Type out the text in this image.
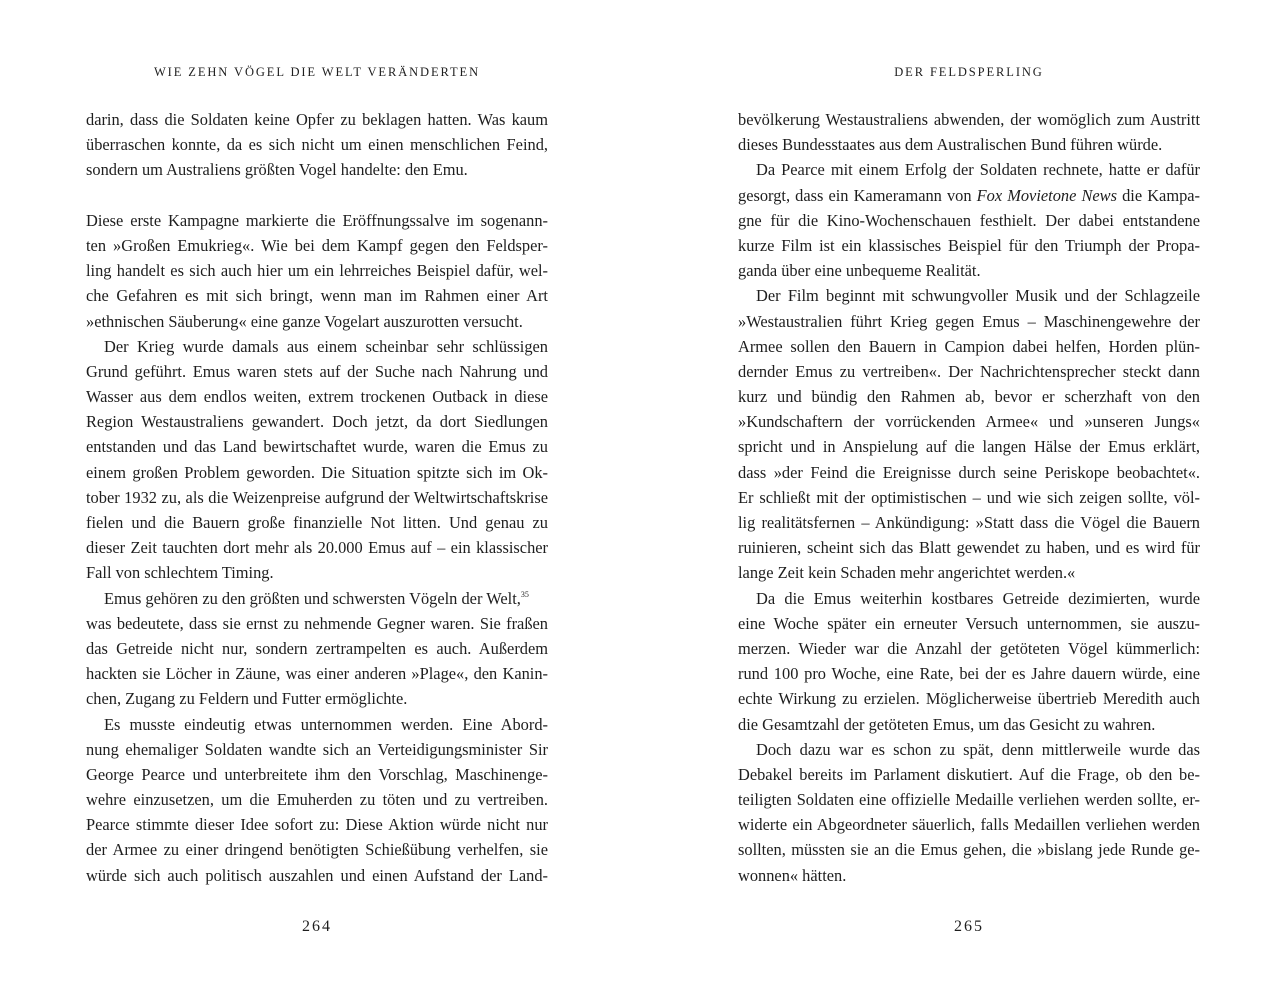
WIE ZEHN VÖGEL DIE WELT VERÄNDERTEN
darin, dass die Soldaten keine Opfer zu beklagen hatten. Was kaum
überraschen konnte, da es sich nicht um einen menschlichen Feind,
sondern um Australiens größten Vogel handelte: den Emu.
Diese erste Kampagne markierte die Eröffnungssalve im sogenann-
ten »Großen Emukrieg«. Wie bei dem Kampf gegen den Feldsper-
ling handelt es sich auch hier um ein lehrreiches Beispiel dafür, wel-
che Gefahren es mit sich bringt, wenn man im Rahmen einer Art
»ethnischen Säuberung« eine ganze Vogelart auszurotten versucht.
Der Krieg wurde damals aus einem scheinbar sehr schlüssigen
Grund geführt. Emus waren stets auf der Suche nach Nahrung und
Wasser aus dem endlos weiten, extrem trockenen Outback in diese
Region Westaustraliens gewandert. Doch jetzt, da dort Siedlungen
entstanden und das Land bewirtschaftet wurde, waren die Emus zu
einem großen Problem geworden. Die Situation spitzte sich im Ok-
tober 1932 zu, als die Weizenpreise aufgrund der Weltwirtschaftskrise
fielen und die Bauern große finanzielle Not litten. Und genau zu
dieser Zeit tauchten dort mehr als 20.000 Emus auf – ein klassischer
Fall von schlechtem Timing.
Emus gehören zu den größten und schwersten Vögeln der Welt,$^{35}$
was bedeutete, dass sie ernst zu nehmende Gegner waren. Sie fraßen
das Getreide nicht nur, sondern zertrampelten es auch. Außerdem
hackten sie Löcher in Zäune, was einer anderen »Plage«, den Kanin-
chen, Zugang zu Feldern und Futter ermöglichte.
Es musste eindeutig etwas unternommen werden. Eine Abord-
nung ehemaliger Soldaten wandte sich an Verteidigungsminister Sir
George Pearce und unterbreitete ihm den Vorschlag, Maschinenge-
wehre einzusetzen, um die Emuherden zu töten und zu vertreiben.
Pearce stimmte dieser Idee sofort zu: Diese Aktion würde nicht nur
der Armee zu einer dringend benötigten Schießübung verhelfen, sie
würde sich auch politisch auszahlen und einen Aufstand der Land-
264
DER FELDSPERLING
bevölkerung Westaustraliens abwenden, der womöglich zum Austritt
dieses Bundesstaates aus dem Australischen Bund führen würde.
Da Pearce mit einem Erfolg der Soldaten rechnete, hatte er dafür
gesorgt, dass ein Kameramann von Fox Movietone News die Kampa-
gne für die Kino-Wochenschauen festhielt. Der dabei entstandene
kurze Film ist ein klassisches Beispiel für den Triumph der Propa-
ganda über eine unbequeme Realität.
Der Film beginnt mit schwungvoller Musik und der Schlagzeile
»Westaustralien führt Krieg gegen Emus – Maschinengewehre der
Armee sollen den Bauern in Campion dabei helfen, Horden plün-
dernder Emus zu vertreiben«. Der Nachrichtensprecher steckt dann
kurz und bündig den Rahmen ab, bevor er scherzhaft von den
»Kundschaftern der vorrückenden Armee« und »unseren Jungs«
spricht und in Anspielung auf die langen Hälse der Emus erklärt,
dass »der Feind die Ereignisse durch seine Periskope beobachtet«.
Er schließt mit der optimistischen – und wie sich zeigen sollte, völ-
lig realitätsfernen – Ankündigung: »Statt dass die Vögel die Bauern
ruinieren, scheint sich das Blatt gewendet zu haben, und es wird für
lange Zeit kein Schaden mehr angerichtet werden.«
Da die Emus weiterhin kostbares Getreide dezimierten, wurde
eine Woche später ein erneuter Versuch unternommen, sie auszu-
merzen. Wieder war die Anzahl der getöteten Vögel kümmerlich:
rund 100 pro Woche, eine Rate, bei der es Jahre dauern würde, eine
echte Wirkung zu erzielen. Möglicherweise übertrieb Meredith auch
die Gesamtzahl der getöteten Emus, um das Gesicht zu wahren.
Doch dazu war es schon zu spät, denn mittlerweile wurde das
Debakel bereits im Parlament diskutiert. Auf die Frage, ob den be-
teiligten Soldaten eine offizielle Medaille verliehen werden sollte, er-
widerte ein Abgeordneter säuerlich, falls Medaillen verliehen werden
sollten, müssten sie an die Emus gehen, die »bislang jede Runde ge-
wonnen« hätten.
265
